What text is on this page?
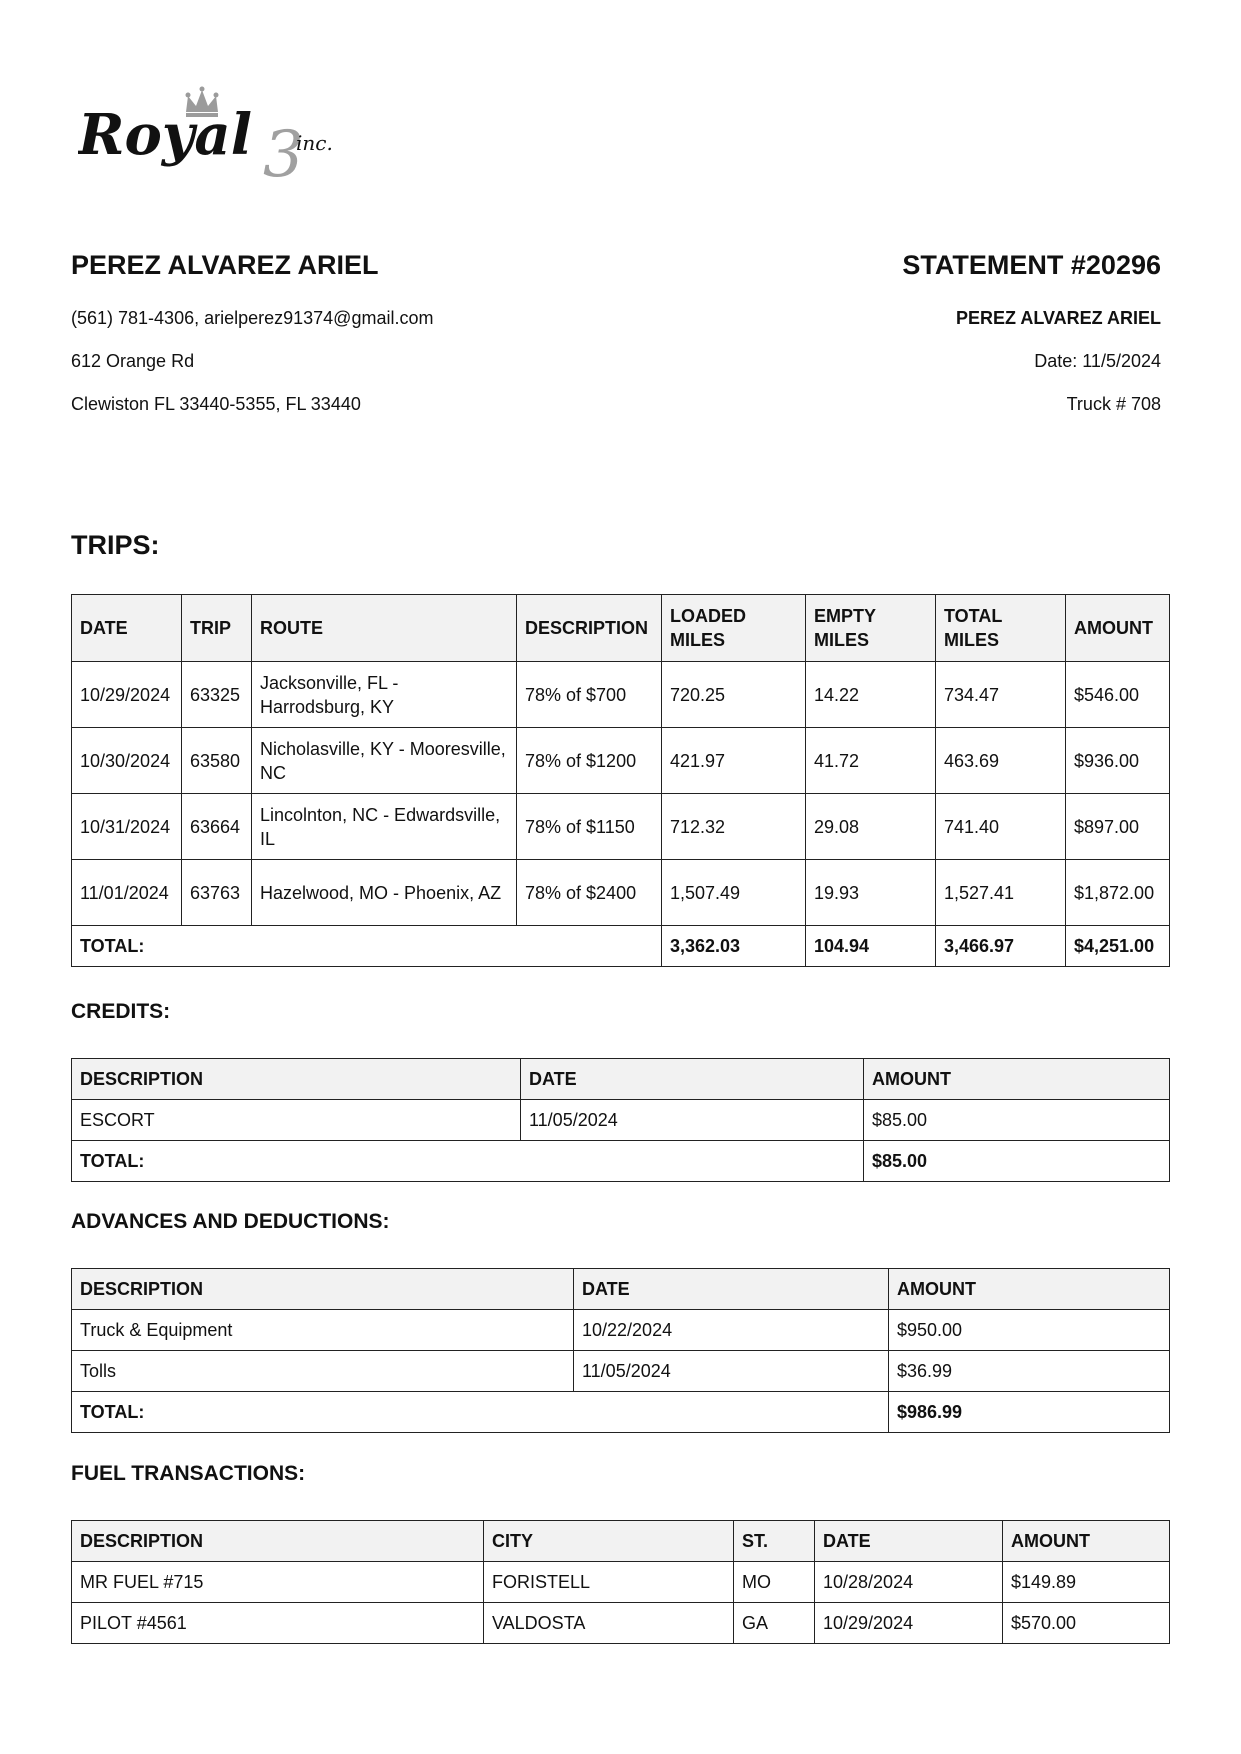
3
Royal inc.
PEREZ ALVAREZ ARIEL
(561) 781-4306, arielperez91374@gmail.com
612 Orange Rd
Clewiston FL 33440-5355, FL 33440
STATEMENT #20296
PEREZ ALVAREZ ARIEL
Date: 11/5/2024
Truck # 708
TRIPS:
DATE	TRIP	ROUTE	DESCRIPTION	LOADED MILES	EMPTY MILES	TOTAL MILES	AMOUNT
10/29/2024	63325	Jacksonville, FL - Harrodsburg, KY	78% of $700	720.25	14.22	734.47	$546.00
10/30/2024	63580	Nicholasville, KY - Mooresville, NC	78% of $1200	421.97	41.72	463.69	$936.00
10/31/2024	63664	Lincolnton, NC - Edwardsville, IL	78% of $1150	712.32	29.08	741.40	$897.00
11/01/2024	63763	Hazelwood, MO - Phoenix, AZ	78% of $2400	1,507.49	19.93	1,527.41	$1,872.00
TOTAL:				3,362.03	104.94	3,466.97	$4,251.00
CREDITS:
DESCRIPTION	DATE	AMOUNT
ESCORT	11/05/2024	$85.00
TOTAL:		$85.00
ADVANCES AND DEDUCTIONS:
DESCRIPTION	DATE	AMOUNT
Truck & Equipment	10/22/2024	$950.00
Tolls	11/05/2024	$36.99
TOTAL:		$986.99
FUEL TRANSACTIONS:
DESCRIPTION	CITY	ST.	DATE	AMOUNT
MR FUEL #715	FORISTELL	MO	10/28/2024	$149.89
PILOT #4561	VALDOSTA	GA	10/29/2024	$570.00
